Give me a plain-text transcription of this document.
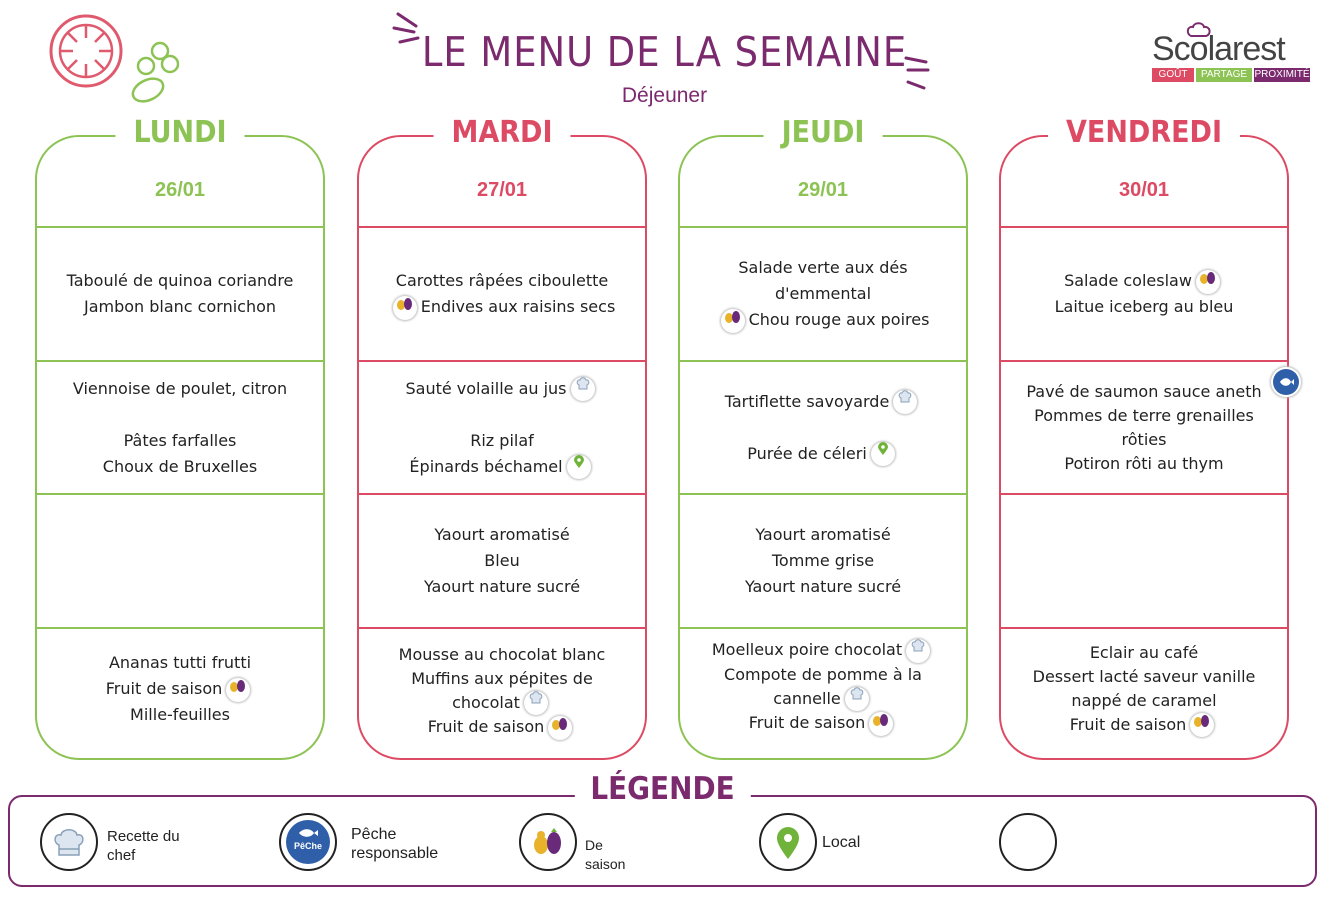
LE MENU DE LA SEMAINE
Déjeuner
Scolarest
GOÛT	PARTAGE PROXIMITÉ
LUNDI
26/01
Taboulé de quinoa coriandre
Jambon blanc cornichon
Viennoise de poulet, citron
Pâtes farfalles
Choux de Bruxelles
Ananas tutti frutti
Fruit de saison
Mille-feuilles
MARDI
27/01
Carottes râpées ciboulette
Endives aux raisins secs
Sauté volaille au jus
Riz pilaf
Épinards béchamel
Yaourt aromatisé
Bleu
Yaourt nature sucré
Mousse au chocolat blanc
Muffins aux pépites de
chocolat
Fruit de saison
JEUDI
29/01
Salade verte aux dés
d'emmental
Chou rouge aux poires
Tartiflette savoyarde
Purée de céleri
Yaourt aromatisé
Tomme grise
Yaourt nature sucré
Moelleux poire chocolat
Compote de pomme à la
cannelle
Fruit de saison
VENDREDI
30/01
Salade coleslaw
Laitue iceberg au bleu
Pavé de saumon sauce aneth
Pommes de terre grenailles
rôties
Potiron rôti au thym
Eclair au café
Dessert lacté saveur vanille
nappé de caramel
Fruit de saison
LÉGENDE
Recette du
chef
PêChe
Pêche
responsable	De saison
Local
